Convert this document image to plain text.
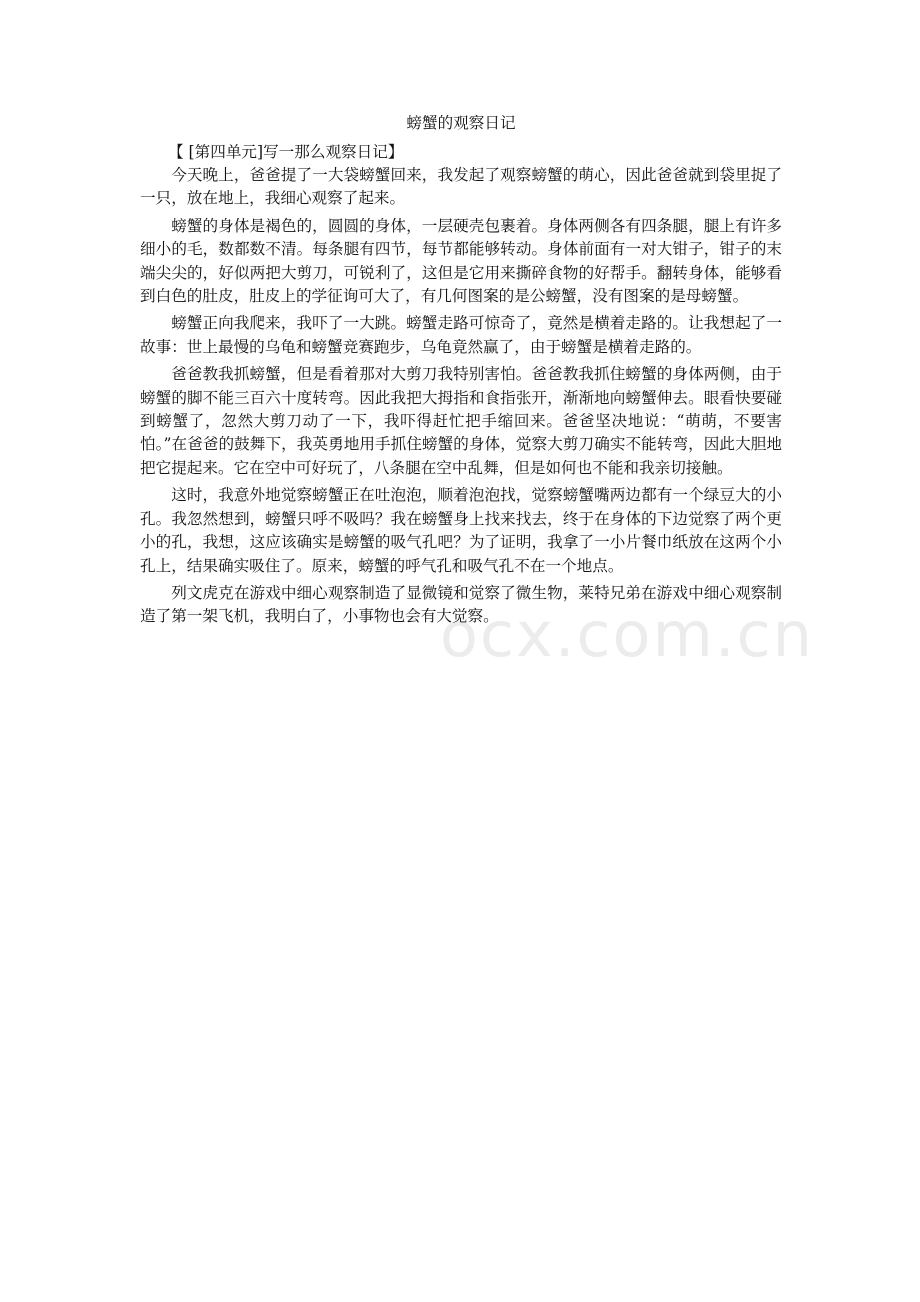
ocx.com.cn
螃蟹的观察日记

【 [第四单元]写一那么观察日记】

今天晚上，爸爸提了一大袋螃蟹回来，我发起了观察螃蟹的萌心，因此爸爸就到袋里捉了一只，放在地上，我细心观察了起来。

螃蟹的身体是褐色的，圆圆的身体，一层硬壳包裹着。身体两侧各有四条腿，腿上有许多细小的毛，数都数不清。每条腿有四节，每节都能够转动。身体前面有一对大钳子，钳子的末端尖尖的，好似两把大剪刀，可锐利了，这但是它用来撕碎食物的好帮手。翻转身体，能够看到白色的肚皮，肚皮上的学征询可大了，有几何图案的是公螃蟹，没有图案的是母螃蟹。

螃蟹正向我爬来，我吓了一大跳。螃蟹走路可惊奇了，竟然是横着走路的。让我想起了一故事：世上最慢的乌龟和螃蟹竞赛跑步，乌龟竟然赢了，由于螃蟹是横着走路的。

爸爸教我抓螃蟹，但是看着那对大剪刀我特别害怕。爸爸教我抓住螃蟹的身体两侧，由于螃蟹的脚不能三百六十度转弯。因此我把大拇指和食指张开，渐渐地向螃蟹伸去。眼看快要碰到螃蟹了，忽然大剪刀动了一下，我吓得赶忙把手缩回来。爸爸坚决地说：“萌萌，不要害怕。”在爸爸的鼓舞下，我英勇地用手抓住螃蟹的身体，觉察大剪刀确实不能转弯，因此大胆地把它提起来。它在空中可好玩了，八条腿在空中乱舞，但是如何也不能和我亲切接触。

这时，我意外地觉察螃蟹正在吐泡泡，顺着泡泡找，觉察螃蟹嘴两边都有一个绿豆大的小孔。我忽然想到，螃蟹只呼不吸吗？我在螃蟹身上找来找去，终于在身体的下边觉察了两个更小的孔，我想，这应该确实是螃蟹的吸气孔吧？为了证明，我拿了一小片餐巾纸放在这两个小孔上，结果确实吸住了。原来，螃蟹的呼气孔和吸气孔不在一个地点。

列文虎克在游戏中细心观察制造了显微镜和觉察了微生物，莱特兄弟在游戏中细心观察制造了第一架飞机，我明白了，小事物也会有大觉察。
